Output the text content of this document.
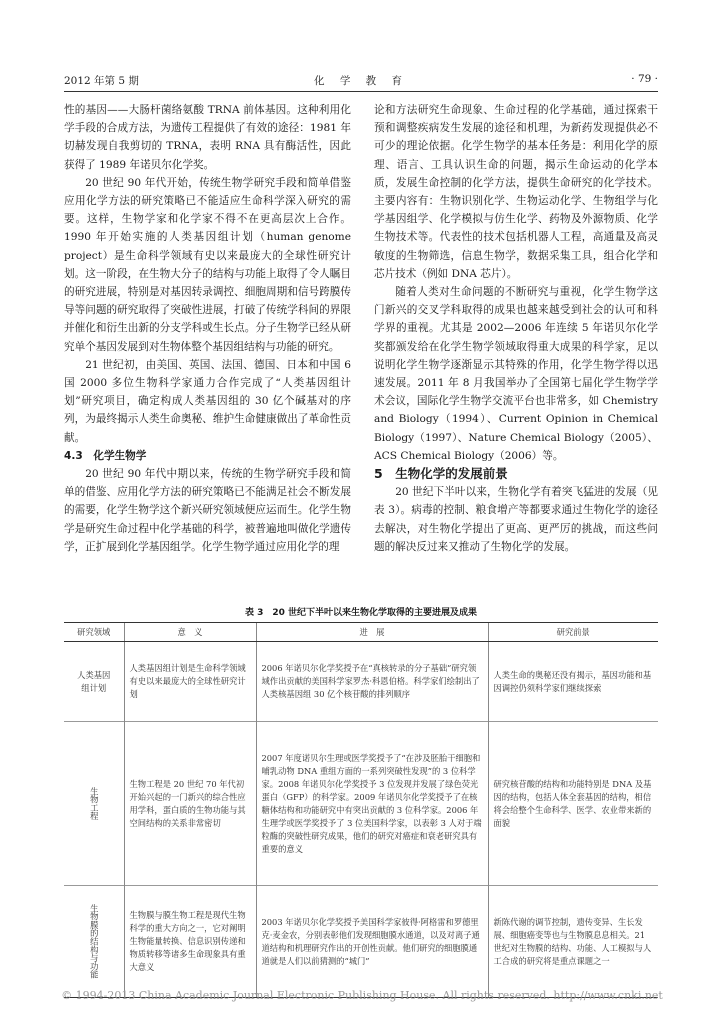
2012 年第 5 期	化 学 教 育	· 79 ·

性的基因——大肠杆菌络氨酸 TRNA 前体基因。这种利用化学手段的合成方法，为遗传工程提供了有效的途径：1981 年切赫发现自我剪切的 TRNA，表明 RNA 具有酶活性，因此获得了 1989 年诺贝尔化学奖。

20 世纪 90 年代开始，传统生物学研究手段和简单借鉴应用化学方法的研究策略已不能适应生命科学深入研究的需要。这样，生物学家和化学家不得不在更高层次上合作。1990 年开始实施的人类基因组计划（human genome project）是生命科学领域有史以来最庞大的全球性研究计划。这一阶段，在生物大分子的结构与功能上取得了令人瞩目的研究进展，特别是对基因转录调控、细胞周期和信号跨膜传导等问题的研究取得了突破性进展，打破了传统学科间的界限并催化和衍生出新的分支学科或生长点。分子生物学已经从研究单个基因发展到对生物体整个基因组结构与功能的研究。

21 世纪初，由美国、英国、法国、德国、日本和中国 6 国 2000 多位生物科学家通力合作完成了“人类基因组计划”研究项目，确定构成人类基因组的 30 亿个碱基对的序列，为最终揭示人类生命奥秘、维护生命健康做出了革命性贡献。

4.3　化学生物学

20 世纪 90 年代中期以来，传统的生物学研究手段和简单的借鉴、应用化学方法的研究策略已不能满足社会不断发展的需要，化学生物学这个新兴研究领域便应运而生。化学生物学是研究生命过程中化学基础的科学，被普遍地叫做化学遗传学，正扩展到化学基因组学。化学生物学通过应用化学的理

论和方法研究生命现象、生命过程的化学基础，通过探索干预和调整疾病发生发展的途径和机理，为新药发现提供必不可少的理论依据。化学生物学的基本任务是：利用化学的原理、语言、工具认识生命的问题，揭示生命运动的化学本质，发展生命控制的化学方法，提供生命研究的化学技术。主要内容有：生物识别化学、生物运动化学、生物组学与化学基因组学、化学模拟与仿生化学、药物及外源物质、化学生物技术等。代表性的技术包括机器人工程，高通量及高灵敏度的生物筛选，信息生物学，数据采集工具，组合化学和芯片技术（例如 DNA 芯片）。

随着人类对生命问题的不断研究与重视，化学生物学这门新兴的交叉学科取得的成果也越来越受到社会的认可和科学界的重视。尤其是 2002—2006 年连续 5 年诺贝尔化学奖都颁发给在化学生物学领域取得重大成果的科学家，足以说明化学生物学逐渐显示其特殊的作用，化学生物学得以迅速发展。2011 年 8 月我国举办了全国第七届化学生物学学术会议，国际化学生物学交流平台也非常多，如 Chemistry and Biology（1994）、Current Opinion in Chemical Biology（1997）、Nature Chemical Biology（2005）、ACS Chemical Biology（2006）等。

5　生物化学的发展前景

20 世纪下半叶以来，生物化学有着突飞猛进的发展（见表 3）。病毒的控制、粮食增产等都要求通过生物化学的途径去解决，对生物化学提出了更高、更严厉的挑战，而这些问题的解决反过来又推动了生物化学的发展。

表 3　20 世纪下半叶以来生物化学取得的主要进展及成果
研究领域	意　义	进　展	研究前景

人类基因组计划	人类基因组计划是生命科学领域有史以来最庞大的全球性研究计划	2006 年诺贝尔化学奖授予在“真核转录的分子基础”研究领域作出贡献的美国科学家罗杰·科恩伯格。科学家们绘制出了人类核基因组 30 亿个核苷酸的排列顺序	人类生命的奥秘还没有揭示，基因功能和基因调控仍须科学家们继续探索

生物工程	生物工程是 20 世纪 70 年代初开始兴起的一门新兴的综合性应用学科，蛋白质的生物功能与其空间结构的关系非常密切	2007 年度诺贝尔生理或医学奖授予了“在涉及胚胎干细胞和哺乳动物 DNA 重组方面的一系列突破性发现”的 3 位科学家。2008 年诺贝尔化学奖授予 3 位发现并发展了绿色荧光蛋白（GFP）的科学家。2009 年诺贝尔化学奖授予了在核糖体结构和功能研究中有突出贡献的 3 位科学家。2006 年生理学或医学奖授予了 3 位美国科学家，以表彰 3 人对于端粒酶的突破性研究成果，他们的研究对癌症和衰老研究具有重要的意义	研究核苷酸的结构和功能特别是 DNA 及基因的结构，包括人体全套基因的结构，相信将会给整个生命科学、医学、农业带来新的面貌

生物膜的结构与功能	生物膜与膜生物工程是现代生物科学的重大方向之一，它对阐明生物能量转换、信息识别传递和物质转移等诸多生命现象具有重大意义	2003 年诺贝尔化学奖授予美国科学家彼得·阿格雷和罗德里克·麦金农，分别表彰他们发现细胞膜水通道，以及对离子通道结构和机理研究作出的开创性贡献。他们研究的细胞膜通道就是人们以前猜测的“城门”	新陈代谢的调节控制，遗传变异、生长发展、细胞癌变等也与生物膜息息相关。21 世纪对生物膜的结构、功能、人工模拟与人工合成的研究将是重点课题之一
© 1994-2013 China Academic Journal Electronic Publishing House. All rights reserved. http://www.cnki.net
